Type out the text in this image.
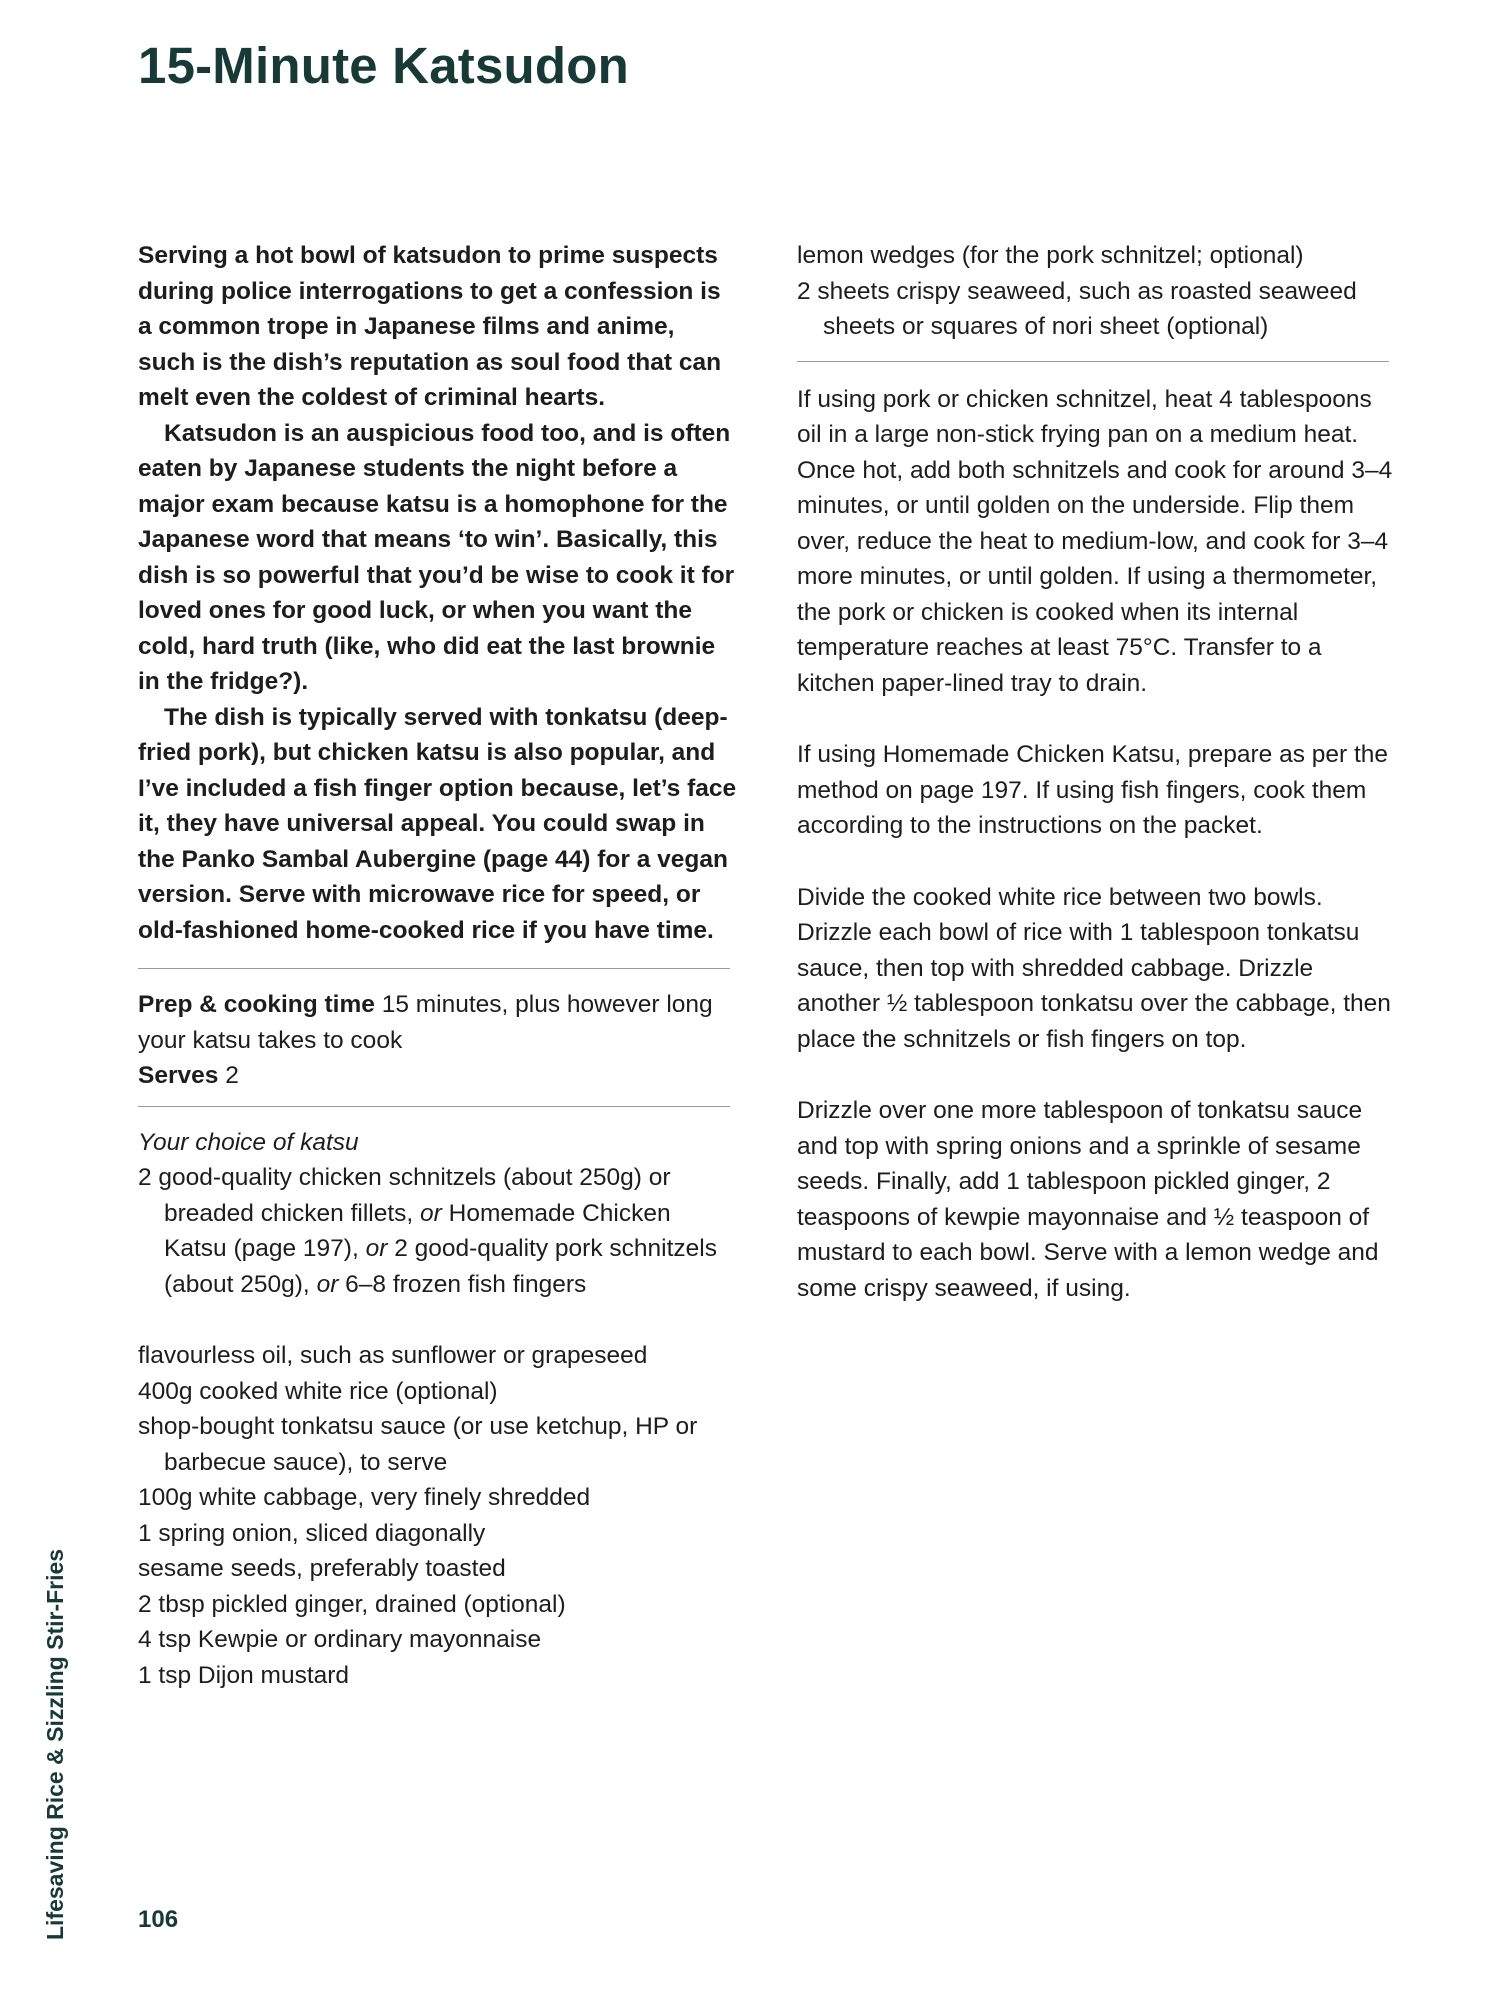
15-Minute Katsudon

Serving a hot bowl of katsudon to prime suspects during police interrogations to get a confession is a common trope in Japanese films and anime, such is the dish’s reputation as soul food that can melt even the coldest of criminal hearts.

Katsudon is an auspicious food too, and is often eaten by Japanese students the night before a major exam because katsu is a homophone for the Japanese word that means ‘to win’. Basically, this dish is so powerful that you’d be wise to cook it for loved ones for good luck, or when you want the cold, hard truth (like, who did eat the last brownie in the fridge?).

The dish is typically served with tonkatsu (deep-fried pork), but chicken katsu is also popular, and I’ve included a fish finger option because, let’s face it, they have universal appeal. You could swap in the Panko Sambal Aubergine (page 44) for a vegan version. Serve with microwave rice for speed, or old-fashioned home-cooked rice if you have time.

Prep & cooking time 15 minutes, plus however long your katsu takes to cook

Serves 2

Your choice of katsu

2 good-quality chicken schnitzels (about 250g) or breaded chicken fillets, or Homemade Chicken Katsu (page 197), or 2 good-quality pork schnitzels (about 250g), or 6–8 frozen fish fingers

flavourless oil, such as sunflower or grapeseed

400g cooked white rice (optional)

shop-bought tonkatsu sauce (or use ketchup, HP or barbecue sauce), to serve

100g white cabbage, very finely shredded

1 spring onion, sliced diagonally

sesame seeds, preferably toasted

2 tbsp pickled ginger, drained (optional)

4 tsp Kewpie or ordinary mayonnaise

1 tsp Dijon mustard

lemon wedges (for the pork schnitzel; optional)

2 sheets crispy seaweed, such as roasted seaweed sheets or squares of nori sheet (optional)

If using pork or chicken schnitzel, heat 4 tablespoons oil in a large non-stick frying pan on a medium heat. Once hot, add both schnitzels and cook for around 3–4 minutes, or until golden on the underside. Flip them over, reduce the heat to medium-low, and cook for 3–4 more minutes, or until golden. If using a thermometer, the pork or chicken is cooked when its internal temperature reaches at least 75°C. Transfer to a kitchen paper-lined tray to drain.

If using Homemade Chicken Katsu, prepare as per the method on page 197. If using fish fingers, cook them according to the instructions on the packet.

Divide the cooked white rice between two bowls. Drizzle each bowl of rice with 1 tablespoon tonkatsu sauce, then top with shredded cabbage. Drizzle another ½ tablespoon tonkatsu over the cabbage, then place the schnitzels or fish fingers on top.

Drizzle over one more tablespoon of tonkatsu sauce and top with spring onions and a sprinkle of sesame seeds. Finally, add 1 tablespoon pickled ginger, 2 teaspoons of kewpie mayonnaise and ½ teaspoon of mustard to each bowl. Serve with a lemon wedge and some crispy seaweed, if using.

Lifesaving Rice & Sizzling Stir-Fries	106
